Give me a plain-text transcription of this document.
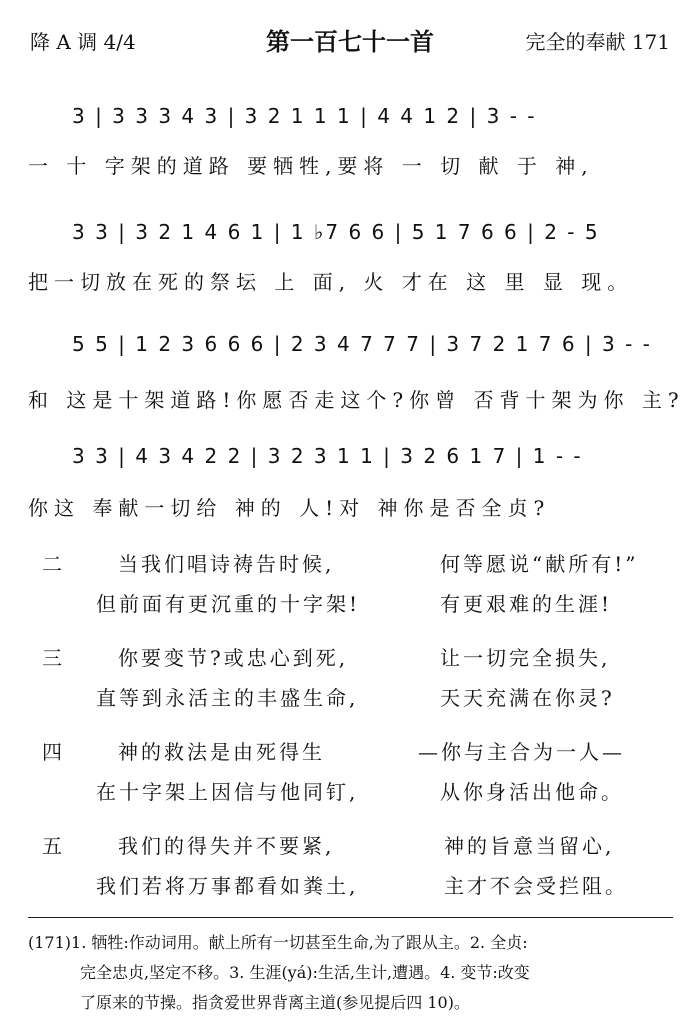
降 A 调 4/4	第一百七十一首	完全的奉献 171
3 | 3 3 3 4 3 | 3 2 1 1 1 | 4 4 1 2 | 3 - -
一 十 字架的道路 要牺牲,要将 一 切 献 于 神,
3 3 | 3 2 1 4 6 1 | 1 ♭7 6 6 | 5 1 7 6 6 | 2 - 5
把一切放在死的祭坛 上 面, 火 才在 这 里 显 现。
5 5 | 1 2 3 6 6 6 | 2 3 4 7 7 7 | 3 7 2 1 7 6 | 3 - -
和 这是十架道路!你愿否走这个?你曾 否背十架为你 主?
3 3 | 4 3 4 2 2 | 3 2 3 1 1 | 3 2 6 1 7 | 1 - -
你这 奉献一切给 神的 人!对 神你是否全贞?
二	当我们唱诗祷告时候,	何等愿说“献所有!”
但前面有更沉重的十字架!	有更艰难的生涯!
三	你要变节?或忠心到死,	让一切完全损失,
直等到永活主的丰盛生命,	天天充满在你灵?
四	神的救法是由死得生	—你与主合为一人—
在十字架上因信与他同钉,	从你身活出他命。
五	我们的得失并不要紧,	神的旨意当留心,
我们若将万事都看如粪土,	主才不会受拦阻。
(171)1. 牺牲:作动词用。献上所有一切甚至生命,为了跟从主。2. 全贞:
完全忠贞,坚定不移。3. 生涯(yá):生活,生计,遭遇。4. 变节:改变
了原来的节操。指贪爱世界背离主道(参见提后四 10)。
